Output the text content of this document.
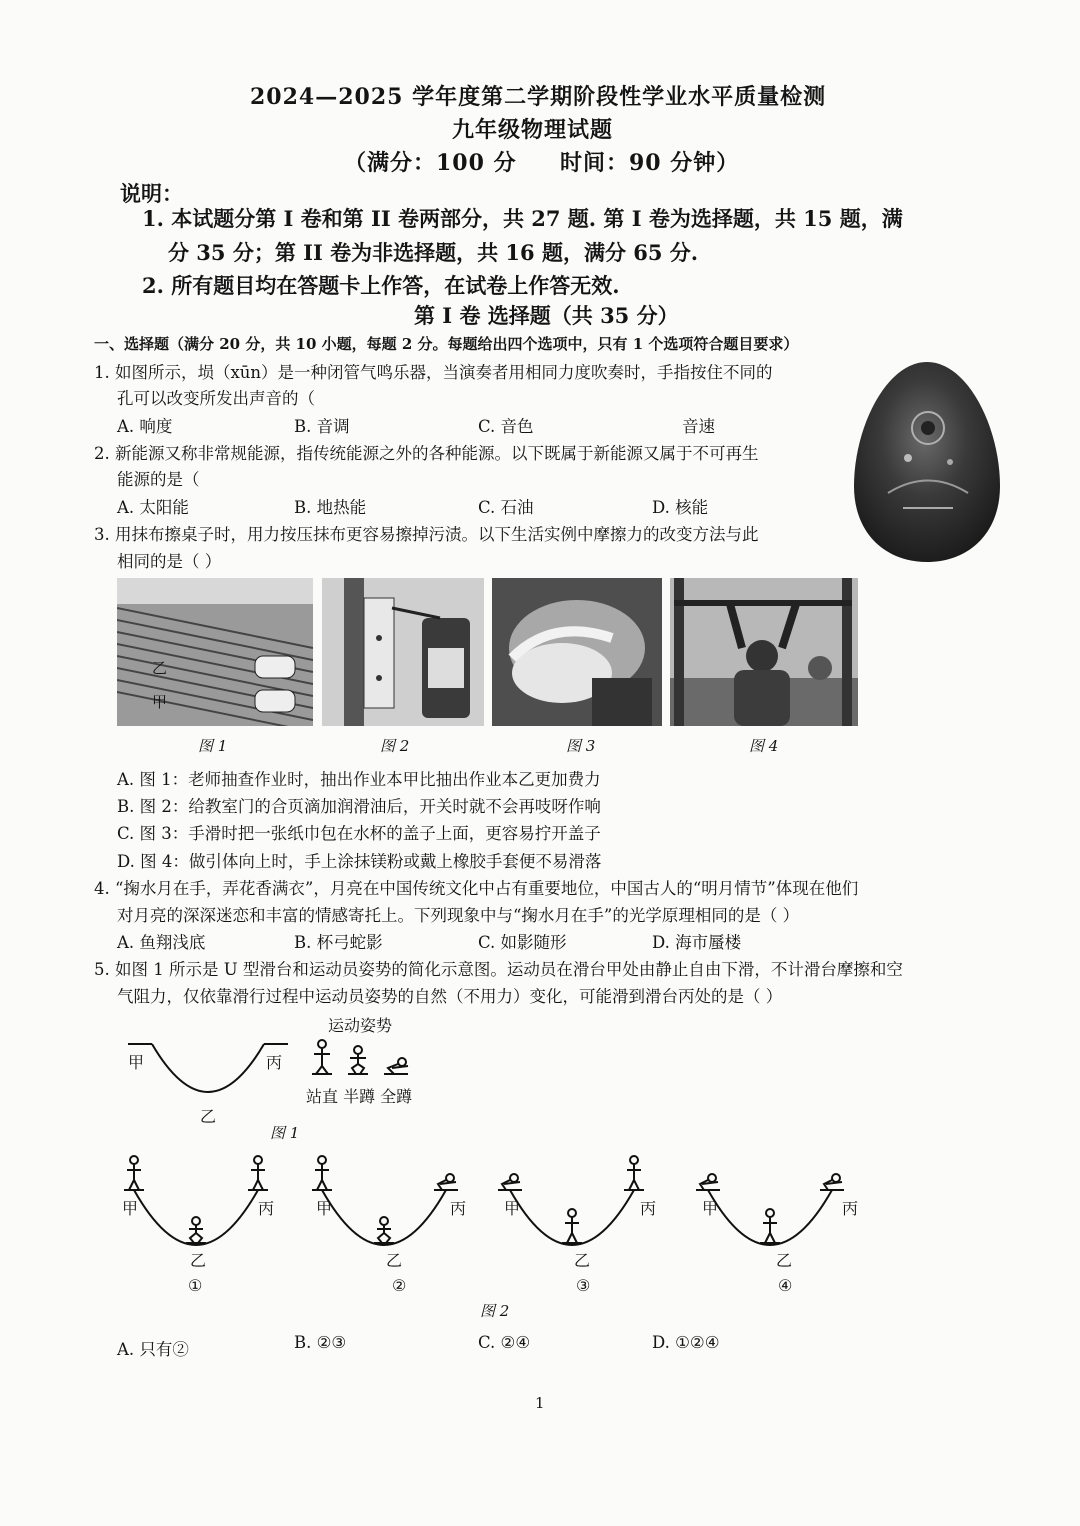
2024—2025 学年度第二学期阶段性学业水平质量检测
九年级物理试题
（满分：100 分 时间：90 分钟）
说明：
1. 本试题分第 I 卷和第 II 卷两部分，共 27 题. 第 I 卷为选择题，共 15 题，满
分 35 分；第 II 卷为非选择题，共 16 题，满分 65 分.
2. 所有题目均在答题卡上作答，在试卷上作答无效.
第 I 卷 选择题（共 35 分）
一、选择题（满分 20 分，共 10 小题，每题 2 分。每题给出四个选项中，只有 1 个选项符合题目要求）
1. 如图所示，埙（xūn）是一种闭管气鸣乐器，当演奏者用相同力度吹奏时，手指按住不同的
孔可以改变所发出声音的（
A. 响度	B. 音调	C. 音色	音速
2. 新能源又称非常规能源，指传统能源之外的各种能源。以下既属于新能源又属于不可再生
能源的是（
A. 太阳能	B. 地热能	C. 石油	D. 核能
3. 用抹布擦桌子时，用力按压抹布更容易擦掉污渍。以下生活实例中摩擦力的改变方法与此
相同的是（ ）
乙
甲
图 1	图 2	图 3	图 4
A. 图 1：老师抽查作业时，抽出作业本甲比抽出作业本乙更加费力
B. 图 2：给教室门的合页滴加润滑油后，开关时就不会再吱呀作响
C. 图 3：手滑时把一张纸巾包在水杯的盖子上面，更容易拧开盖子
D. 图 4：做引体向上时，手上涂抹镁粉或戴上橡胶手套便不易滑落
4. “掬水月在手，弄花香满衣”，月亮在中国传统文化中占有重要地位，中国古人的“明月情节”体现在他们
对月亮的深深迷恋和丰富的情感寄托上。下列现象中与“掬水月在手”的光学原理相同的是（ ）
A. 鱼翔浅底	B. 杯弓蛇影	C. 如影随形	D. 海市蜃楼
5. 如图 1 所示是 U 型滑台和运动员姿势的简化示意图。运动员在滑台甲处由静止自由下滑，不计滑台摩擦和空
气阻力，仅依靠滑行过程中运动员姿势的自然（不用力）变化，可能滑到滑台丙处的是（ ）
运动姿势
甲	丙
乙
站直 半蹲 全蹲
图 1
甲	丙
乙
①
甲	丙
乙
②
甲	丙
乙
③
甲	丙
乙
④
图 2
A. 只有②	B. ②③	C. ②④	D. ①②④
1
